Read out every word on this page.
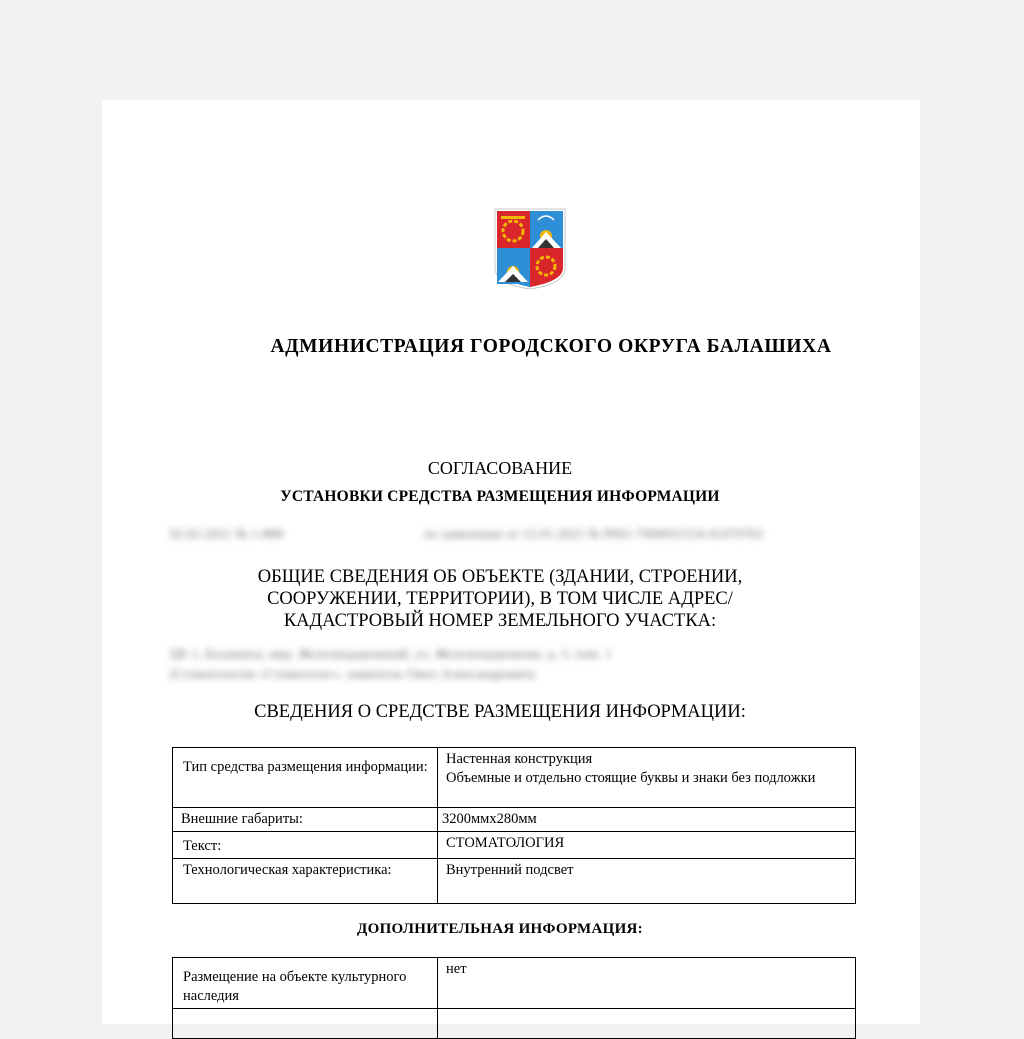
АДМИНИСТРАЦИЯ ГОРОДСКОГО ОКРУГА БАЛАШИХА
СОГЛАСОВАНИЕ
УСТАНОВКИ СРЕДСТВА РАЗМЕЩЕНИЯ ИНФОРМАЦИИ
02.02.2021 № 1-888	по заявлению от 12.01.2021 № Р001-7000031154-41470763
ОБЩИЕ СВЕДЕНИЯ ОБ ОБЪЕКТЕ (ЗДАНИИ, СТРОЕНИИ,
СООРУЖЕНИИ, ТЕРРИТОРИИ), В ТОМ ЧИСЛЕ АДРЕС/
КАДАСТРОВЫЙ НОМЕР ЗЕМЕЛЬНОГО УЧАСТКА:
ЦЕ 1, Балашиха, мкр. Железнодорожный, ул. Железнодорожная, д. 5, пом. 1
(Стоматология «Стоматолог», заявитель Омел Александрович)
СВЕДЕНИЯ О СРЕДСТВЕ РАЗМЕЩЕНИЯ ИНФОРМАЦИИ:
Тип средства размещения информации:	Настенная конструкция
Объемные и отдельно стоящие буквы и знаки без подложки

Внешние габариты:	3200ммх280мм
Текст:	СТОМАТОЛОГИЯ
Технологическая характеристика:	Внутренний подсвет
ДОПОЛНИТЕЛЬНАЯ ИНФОРМАЦИЯ:
Размещение на объекте культурного наследия	нет
